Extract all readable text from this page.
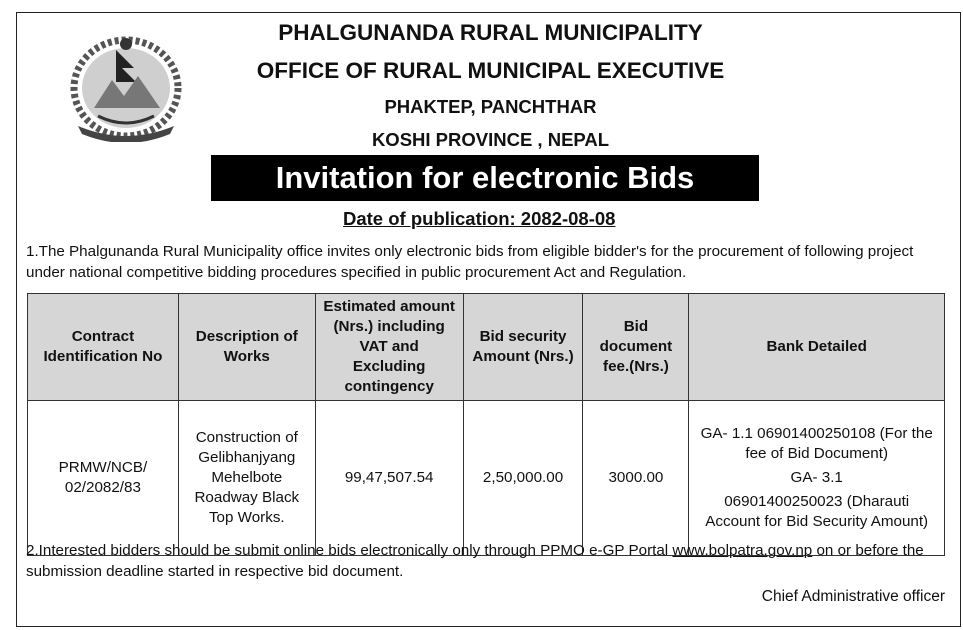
PHALGUNANDA RURAL MUNICIPALITY
OFFICE OF RURAL MUNICIPAL EXECUTIVE
PHAKTEP, PANCHTHAR
KOSHI PROVINCE , NEPAL
Invitation for electronic Bids
Date of publication: 2082-08-08
1.The Phalgunanda Rural Municipality office invites only electronic bids from eligible bidder's for the procurement of following project under national competitive bidding procedures specified in public procurement Act and Regulation.
Contract Identification No	Description of Works	Estimated amount (Nrs.) including VAT and Excluding contingency	Bid security Amount (Nrs.)	Bid document fee.(Nrs.)	Bank Detailed
PRMW/NCB/ 02/2082/83	Construction of Gelibhanjyang Mehelbote Roadway Black Top Works.	99,47,507.54	2,50,000.00	3000.00	GA- 1.1 06901400250108 (For the fee of Bid Document)
GA- 3.1
06901400250023 (Dharauti Account for Bid Security Amount)
2.Interested bidders should be submit online bids electronically only through PPMO e-GP Portal www.bolpatra.gov.np on or before the submission deadline started in respective bid document.
Chief Administrative officer
